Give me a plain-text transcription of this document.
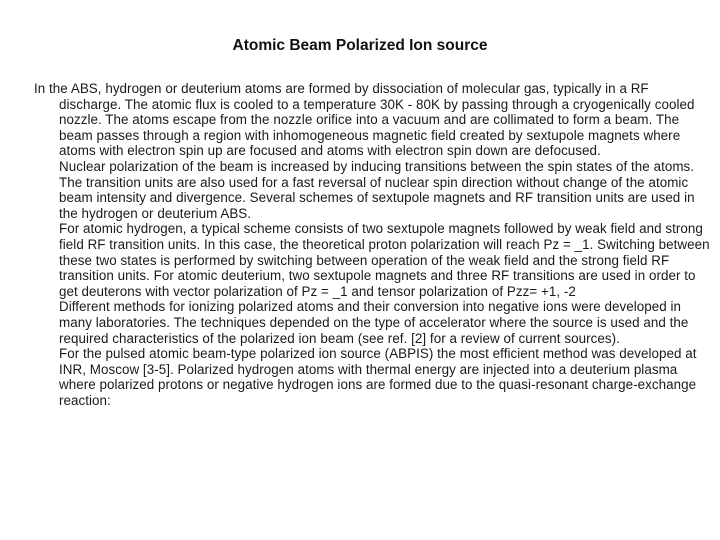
Atomic Beam Polarized Ion source

In the ABS, hydrogen or deuterium atoms are formed by dissociation of molecular gas, typically in a RF discharge. The atomic flux is cooled to a temperature 30K - 80K by passing through a cryogenically cooled nozzle. The atoms escape from the nozzle orifice into a vacuum and are collimated to form a beam. The beam passes through a region with inhomogeneous magnetic field created by sextupole magnets where atoms with electron spin up are focused and atoms with electron spin down are defocused.

Nuclear polarization of the beam is increased by inducing transitions between the spin states of the atoms. The transition units are also used for a fast reversal of nuclear spin direction without change of the atomic beam intensity and divergence. Several schemes of sextupole magnets and RF transition units are used in the hydrogen or deuterium ABS.

For atomic hydrogen, a typical scheme consists of two sextupole magnets followed by weak field and strong field RF transition units. In this case, the theoretical proton polarization will reach Pz = _1. Switching between these two states is performed by switching between operation of the weak field and the strong field RF transition units. For atomic deuterium, two sextupole magnets and three RF transitions are used in order to get deuterons with vector polarization of Pz = _1 and tensor polarization of Pzz= +1, -2

Different methods for ionizing polarized atoms and their conversion into negative ions were developed in many laboratories. The techniques depended on the type of accelerator where the source is used and the required characteristics of the polarized ion beam (see ref. [2] for a review of current sources).

For the pulsed atomic beam-type polarized ion source (ABPIS) the most efficient method was developed at INR, Moscow [3-5]. Polarized hydrogen atoms with thermal energy are injected into a deuterium plasma where polarized protons or negative hydrogen ions are formed due to the quasi-resonant charge-exchange reaction:
